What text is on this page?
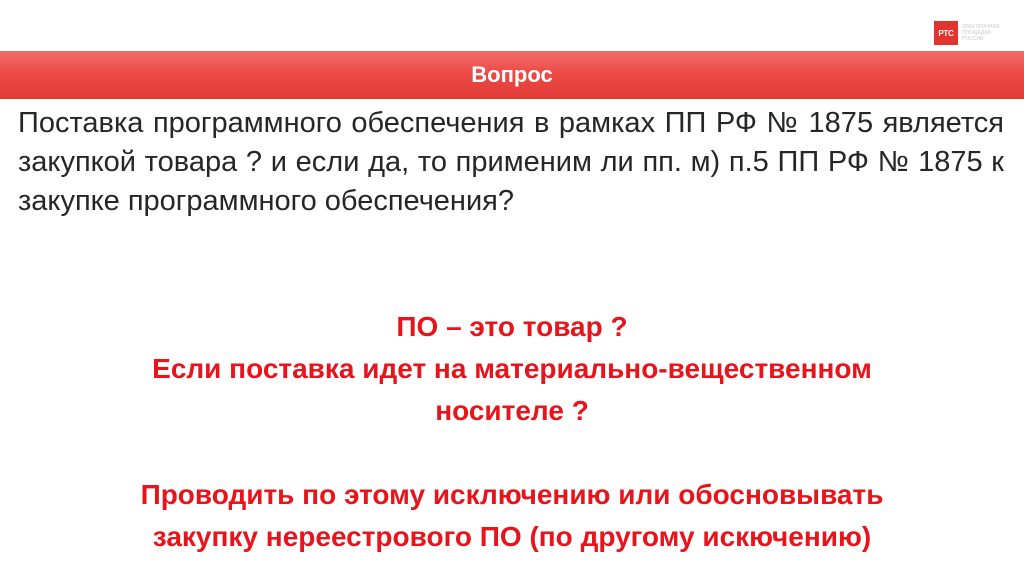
РТС
ЭЛЕКТРОННАЯ
ПЛОЩАДКА
РОССИИ
Вопрос

Поставка программного обеспечения в рамках ПП РФ № 1875 является закупкой товара ? и если да, то применим ли пп. м) п.5 ПП РФ № 1875 к закупке программного обеспечения?

ПО – это товар ?
Если поставка идет на материально-вещественном
носителе ?

Проводить по этому исключению или обосновывать
закупку нереестрового ПО (по другому искючению)
